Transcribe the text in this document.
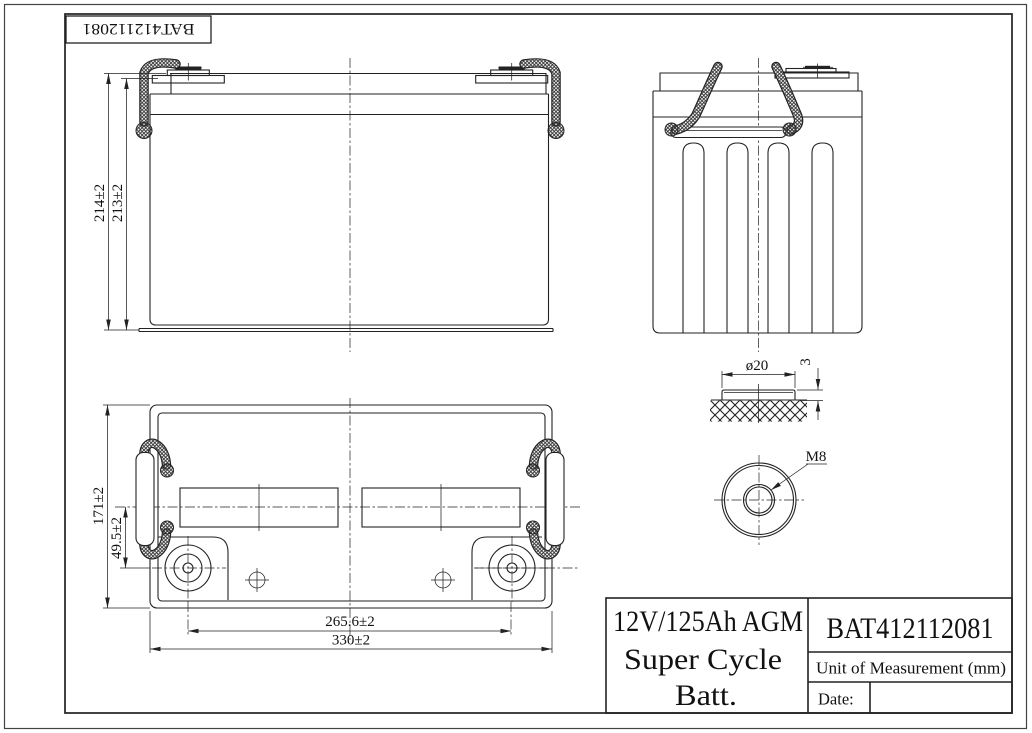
BAT412112081
214±2 213±2
171±2
49.5±2
265.6±2
330±2
ø20 3
M8
12V/125Ah AGM
Super Cycle
Batt.
BAT412112081
Unit of Measurement (mm)
Date:
